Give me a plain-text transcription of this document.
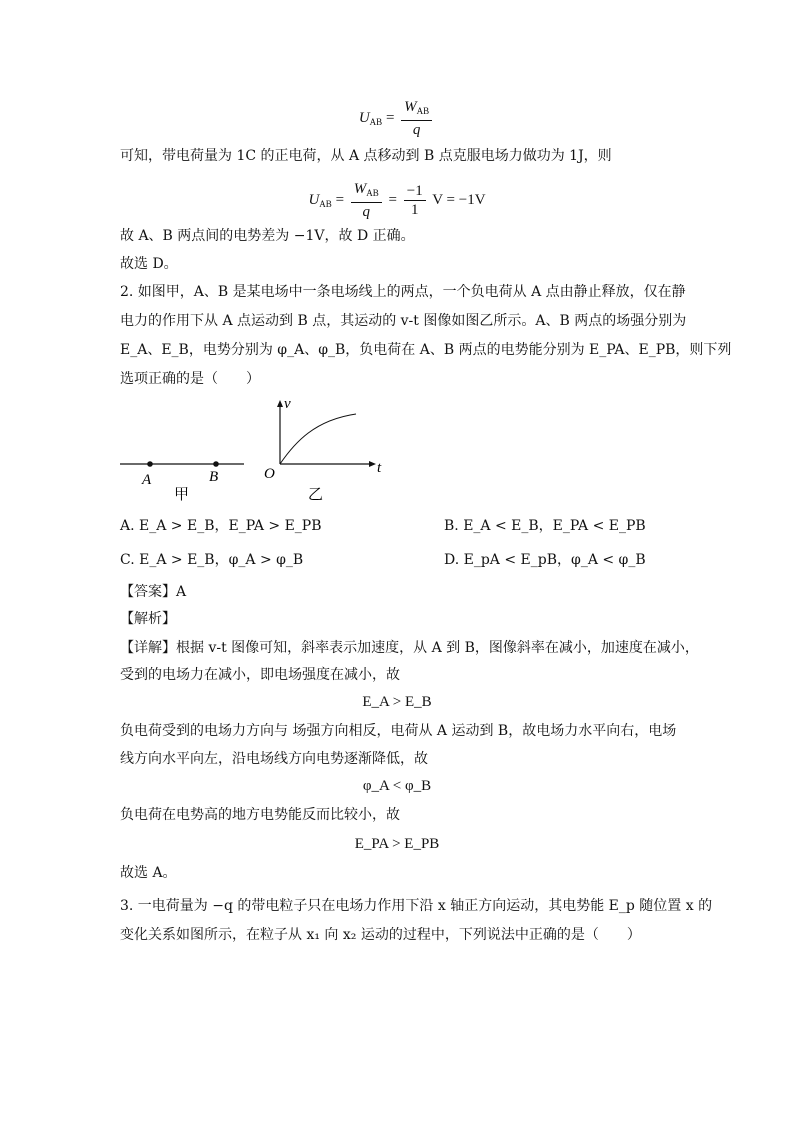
$U_{AB} = \frac{W_{AB}}{q}$
可知，带电荷量为 1C 的正电荷，从 A 点移动到 B 点克服电场力做功为 1J，则
$U_{AB} = \frac{W_{AB}}{q} = \frac{-1}{1}$ V = −1V
故 A、B 两点间的电势差为 −1V，故 D 正确。
故选 D。
2. 如图甲，A、B 是某电场中一条电场线上的两点，一个负电荷从 A 点由静止释放，仅在静
电力的作用下从 A 点运动到 B 点，其运动的 v-t 图像如图乙所示。A、B 两点的场强分别为
E_A、E_B，电势分别为 φ_A、φ_B，负电荷在 A、B 两点的电势能分别为 E_PA、E_PB，则下列
选项正确的是（　　）
A	B
甲
v
t
O
乙
A. E_A > E_B，E_PA > E_PB	B. E_A < E_B，E_PA < E_PB
C. E_A > E_B，φ_A > φ_B	D. E_pA < E_pB，φ_A < φ_B
【答案】A
【解析】
【详解】根据 v-t 图像可知，斜率表示加速度，从 A 到 B，图像斜率在减小，加速度在减小，
受到的电场力在减小，即电场强度在减小，故
E_A > E_B
负电荷受到的电场力方向与 场强方向相反，电荷从 A 运动到 B，故电场力水平向右，电场
线方向水平向左，沿电场线方向电势逐渐降低，故
φ_A < φ_B
负电荷在电势高的地方电势能反而比较小，故
E_PA > E_PB
故选 A。
3. 一电荷量为 −q 的带电粒子只在电场力作用下沿 x 轴正方向运动，其电势能 E_p 随位置 x 的
变化关系如图所示，在粒子从 x₁ 向 x₂ 运动的过程中，下列说法中正确的是（　　）
